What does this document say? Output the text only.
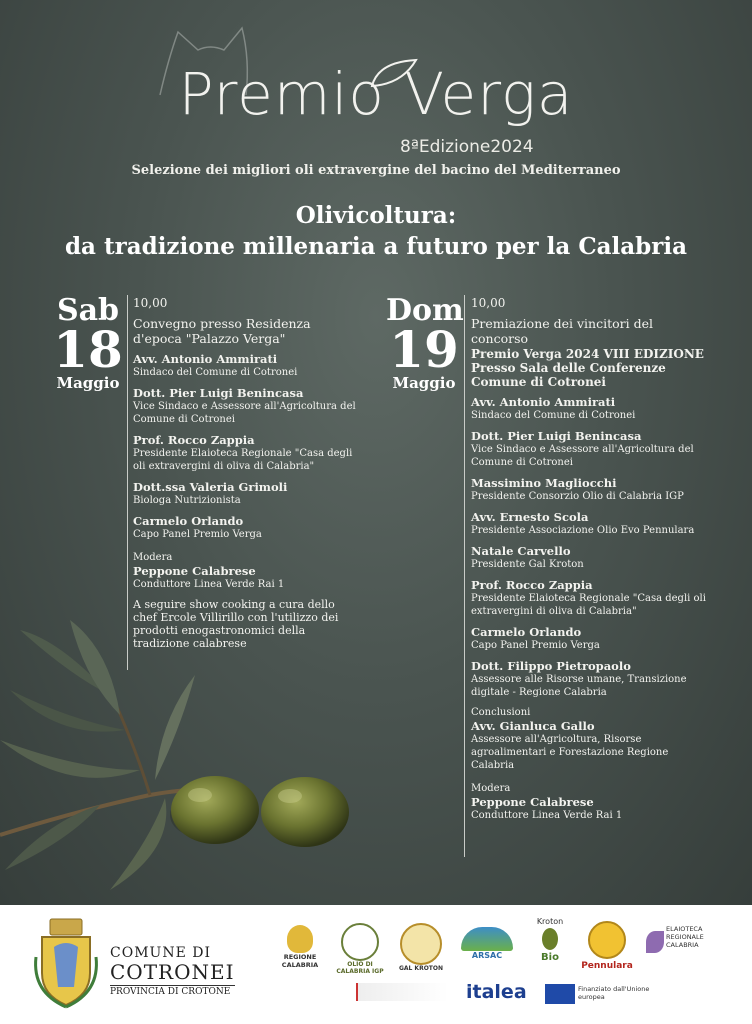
Premio Verga
8ªEdizione2024
Selezione dei migliori oli extravergine del bacino del Mediterraneo
Olivicoltura:
da tradizione millenaria a futuro per la Calabria
Sab
18
Maggio
10,00
Convegno presso Residenza d'epoca "Palazzo Verga"
Avv. Antonio Ammirati
Sindaco del Comune di Cotronei
Dott. Pier Luigi Benincasa
Vice Sindaco e Assessore all'Agricoltura del Comune di Cotronei
Prof. Rocco Zappia
Presidente Elaioteca Regionale "Casa degli oli extravergini di oliva di Calabria"
Dott.ssa Valeria Grimoli
Biologa Nutrizionista
Carmelo Orlando
Capo Panel Premio Verga
Modera
Peppone Calabrese
Conduttore Linea Verde Rai 1
A seguire show cooking a cura dello chef Ercole Villirillo con l'utilizzo dei prodotti enogastronomici della tradizione calabrese
Dom
19
Maggio
10,00
Premiazione dei vincitori del concorso
Premio Verga 2024 VIII EDIZIONE Presso Sala delle Conferenze Comune di Cotronei
Avv. Antonio Ammirati
Sindaco del Comune di Cotronei
Dott. Pier Luigi Benincasa
Vice Sindaco e Assessore all'Agricoltura del Comune di Cotronei
Massimino Magliocchi
Presidente Consorzio Olio di Calabria IGP
Avv. Ernesto Scola
Presidente Associazione Olio Evo Pennulara
Natale Carvello
Presidente Gal Kroton
Prof. Rocco Zappia
Presidente Elaioteca Regionale "Casa degli oli extravergini di oliva di Calabria"
Carmelo Orlando
Capo Panel Premio Verga
Dott. Filippo Pietropaolo
Assessore alle Risorse umane, Transizione digitale - Regione Calabria
Conclusioni
Avv. Gianluca Gallo
Assessore all'Agricoltura, Risorse agroalimentari e Forestazione Regione Calabria
Modera
Peppone Calabrese
Conduttore Linea Verde Rai 1
COMUNE DI
COTRONEI
PROVINCIA DI CROTONE
REGIONE CALABRIA	OLIO DI CALABRIA IGP	GAL KROTON
ARSAC
Kroton
Bio
Pennulara
ELAIOTECA REGIONALE CALABRIA
italea	Finanziato dall'Unione europea
